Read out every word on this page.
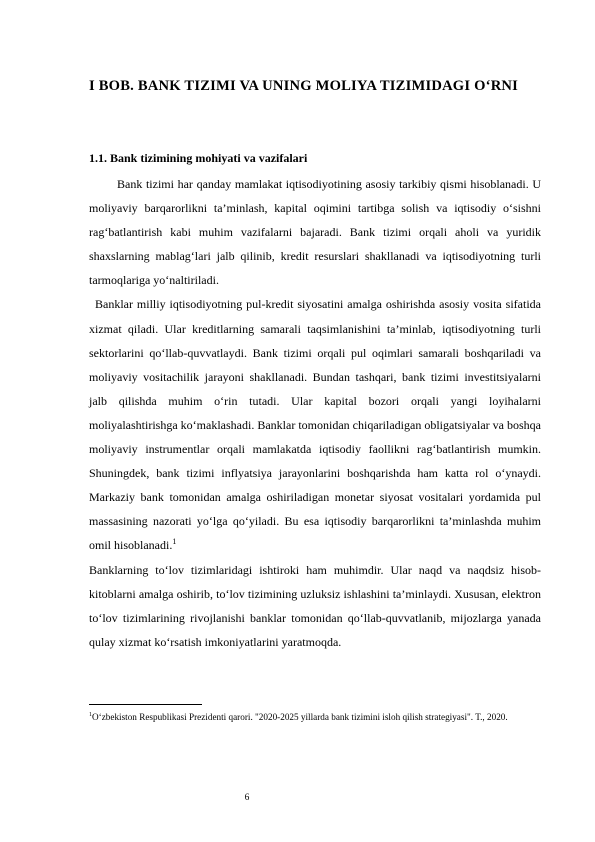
I BOB. BANK TIZIMI VA UNING MOLIYA TIZIMIDAGI O‘RNI
1.1. Bank tizimining mohiyati va vazifalari

Bank tizimi har qanday mamlakat iqtisodiyotining asosiy tarkibiy qismi hisoblanadi. U moliyaviy barqarorlikni ta’minlash, kapital oqimini tartibga solish va iqtisodiy o‘sishni rag‘batlantirish kabi muhim vazifalarni bajaradi. Bank tizimi orqali aholi va yuridik shaxslarning mablag‘lari jalb qilinib, kredit resurslari shakllanadi va iqtisodiyotning turli tarmoqlariga yo‘naltiriladi.

Banklar milliy iqtisodiyotning pul-kredit siyosatini amalga oshirishda asosiy vosita sifatida xizmat qiladi. Ular kreditlarning samarali taqsimlanishini ta’minlab, iqtisodiyotning turli sektorlarini qo‘llab-quvvatlaydi. Bank tizimi orqali pul oqimlari samarali boshqariladi va moliyaviy vositachilik jarayoni shakllanadi. Bundan tashqari, bank tizimi investitsiyalarni jalb qilishda muhim o‘rin tutadi. Ular kapital bozori orqali yangi loyihalarni moliyalashtirishga ko‘maklashadi. Banklar tomonidan chiqariladigan obligatsiyalar va boshqa moliyaviy instrumentlar orqali mamlakatda iqtisodiy faollikni rag‘batlantirish mumkin. Shuningdek, bank tizimi inflyatsiya jarayonlarini boshqarishda ham katta rol o‘ynaydi. Markaziy bank tomonidan amalga oshiriladigan monetar siyosat vositalari yordamida pul massasining nazorati yo‘lga qo‘yiladi. Bu esa iqtisodiy barqarorlikni ta’minlashda muhim omil hisoblanadi.$^1$

Banklarning to‘lov tizimlaridagi ishtiroki ham muhimdir. Ular naqd va naqdsiz hisob-kitoblarni amalga oshirib, to‘lov tizimining uzluksiz ishlashini ta’minlaydi. Xususan, elektron to‘lov tizimlarining rivojlanishi banklar tomonidan qo‘llab-quvvatlanib, mijozlarga yanada qulay xizmat ko‘rsatish imkoniyatlarini yaratmoqda.

$^1$O‘zbekiston Respublikasi Prezidenti qarori. "2020-2025 yillarda bank tizimini isloh qilish strategiyasi". T., 2020.
6
